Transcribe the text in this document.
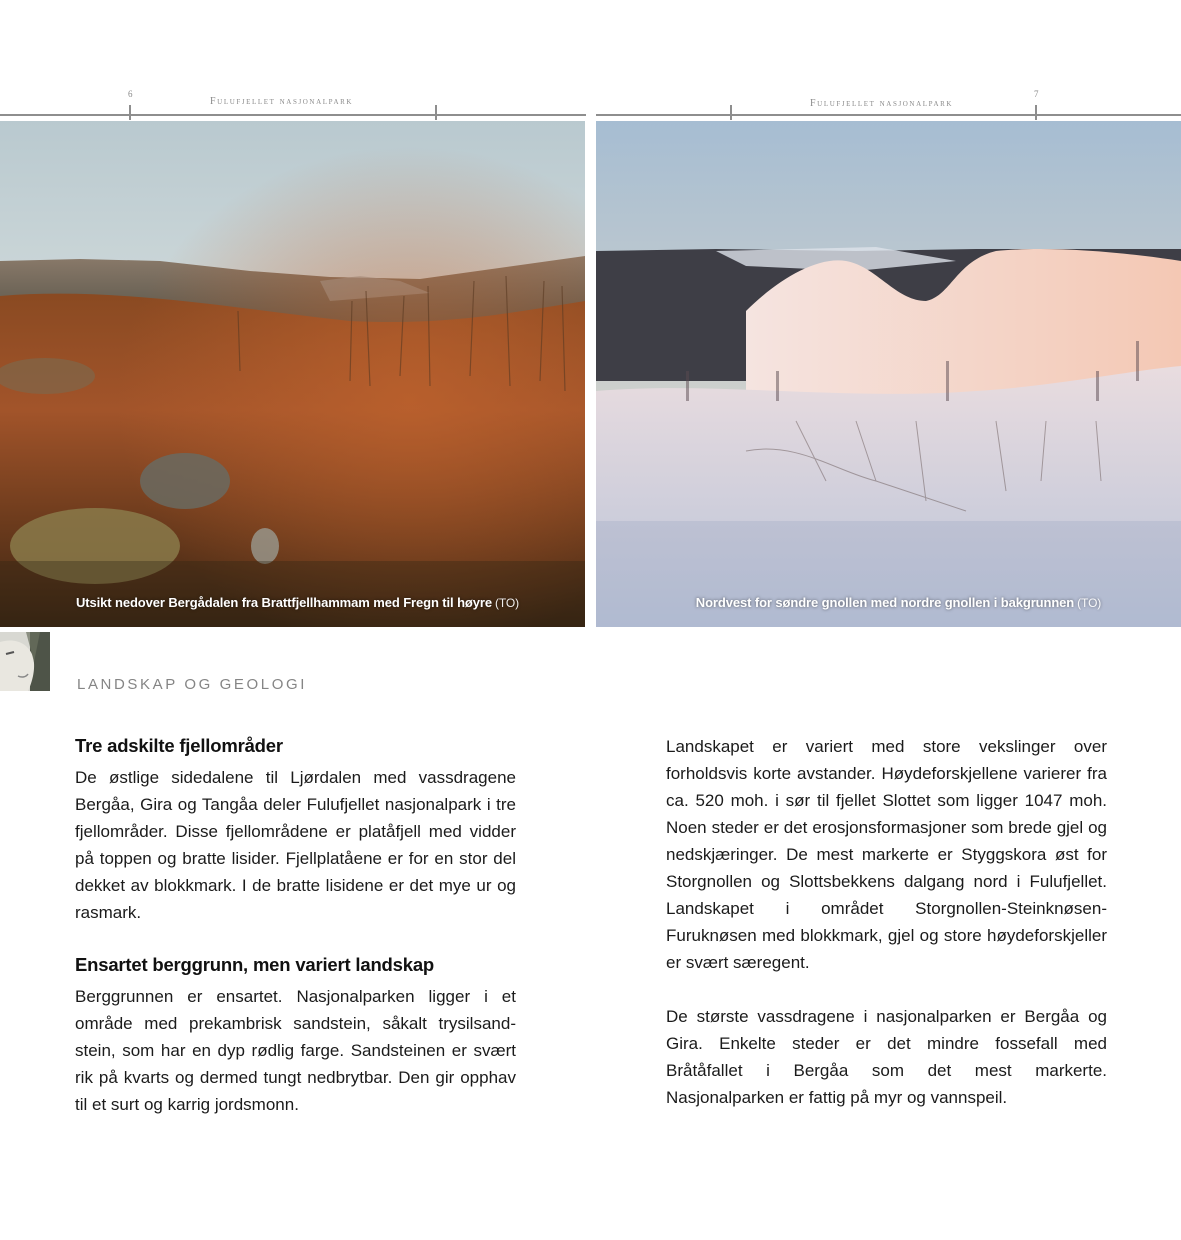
6	7
Fulufjellet nasjonalpark	Fulufjellet nasjonalpark
Utsikt nedover Bergådalen fra Brattfjellhammam med Fregn til høyre (TO)	Nordvest for søndre gnollen med nordre gnollen i bakgrunnen (TO)
LANDSKAP OG GEOLOGI
Tre adskilte fjellområder

De østlige sidedalene til Ljørdalen med vassdragene Bergåa, Gira og Tangåa deler Fulufjellet nasjonalpark i tre fjellområder. Disse fjellområdene er platåfjell med vidder på toppen og bratte lisider. Fjellplatåene er for en stor del dekket av blokkmark. I de bratte lisidene er det mye ur og rasmark.

Ensartet berggrunn, men variert landskap

Berggrunnen er ensartet. Nasjonalparken ligger i et område med prekambrisk sandstein, såkalt trysilsandstein, som har en dyp rødlig farge. Sandsteinen er svært rik på kvarts og dermed tungt nedbrytbar. Den gir opphav til et surt og karrig jordsmonn.

Landskapet er variert med store vekslinger over forholdsvis korte avstander. Høydeforskjellene varierer fra ca. 520 moh. i sør til fjellet Slottet som ligger 1047 moh. Noen steder er det erosjonsformasjoner som brede gjel og nedskjæringer. De mest markerte er Styggskora øst for Storgnollen og Slottsbekkens dalgang nord i Fulufjellet. Landskapet i området Storgnollen-Steinknøsen-Furuknøsen med blokkmark, gjel og store høydeforskjeller er svært særegent.

De største vassdragene i nasjonalparken er Bergåa og Gira. Enkelte steder er det mindre fossefall med Bråtåfallet i Bergåa som det mest markerte. Nasjonalparken er fattig på myr og vannspeil.
